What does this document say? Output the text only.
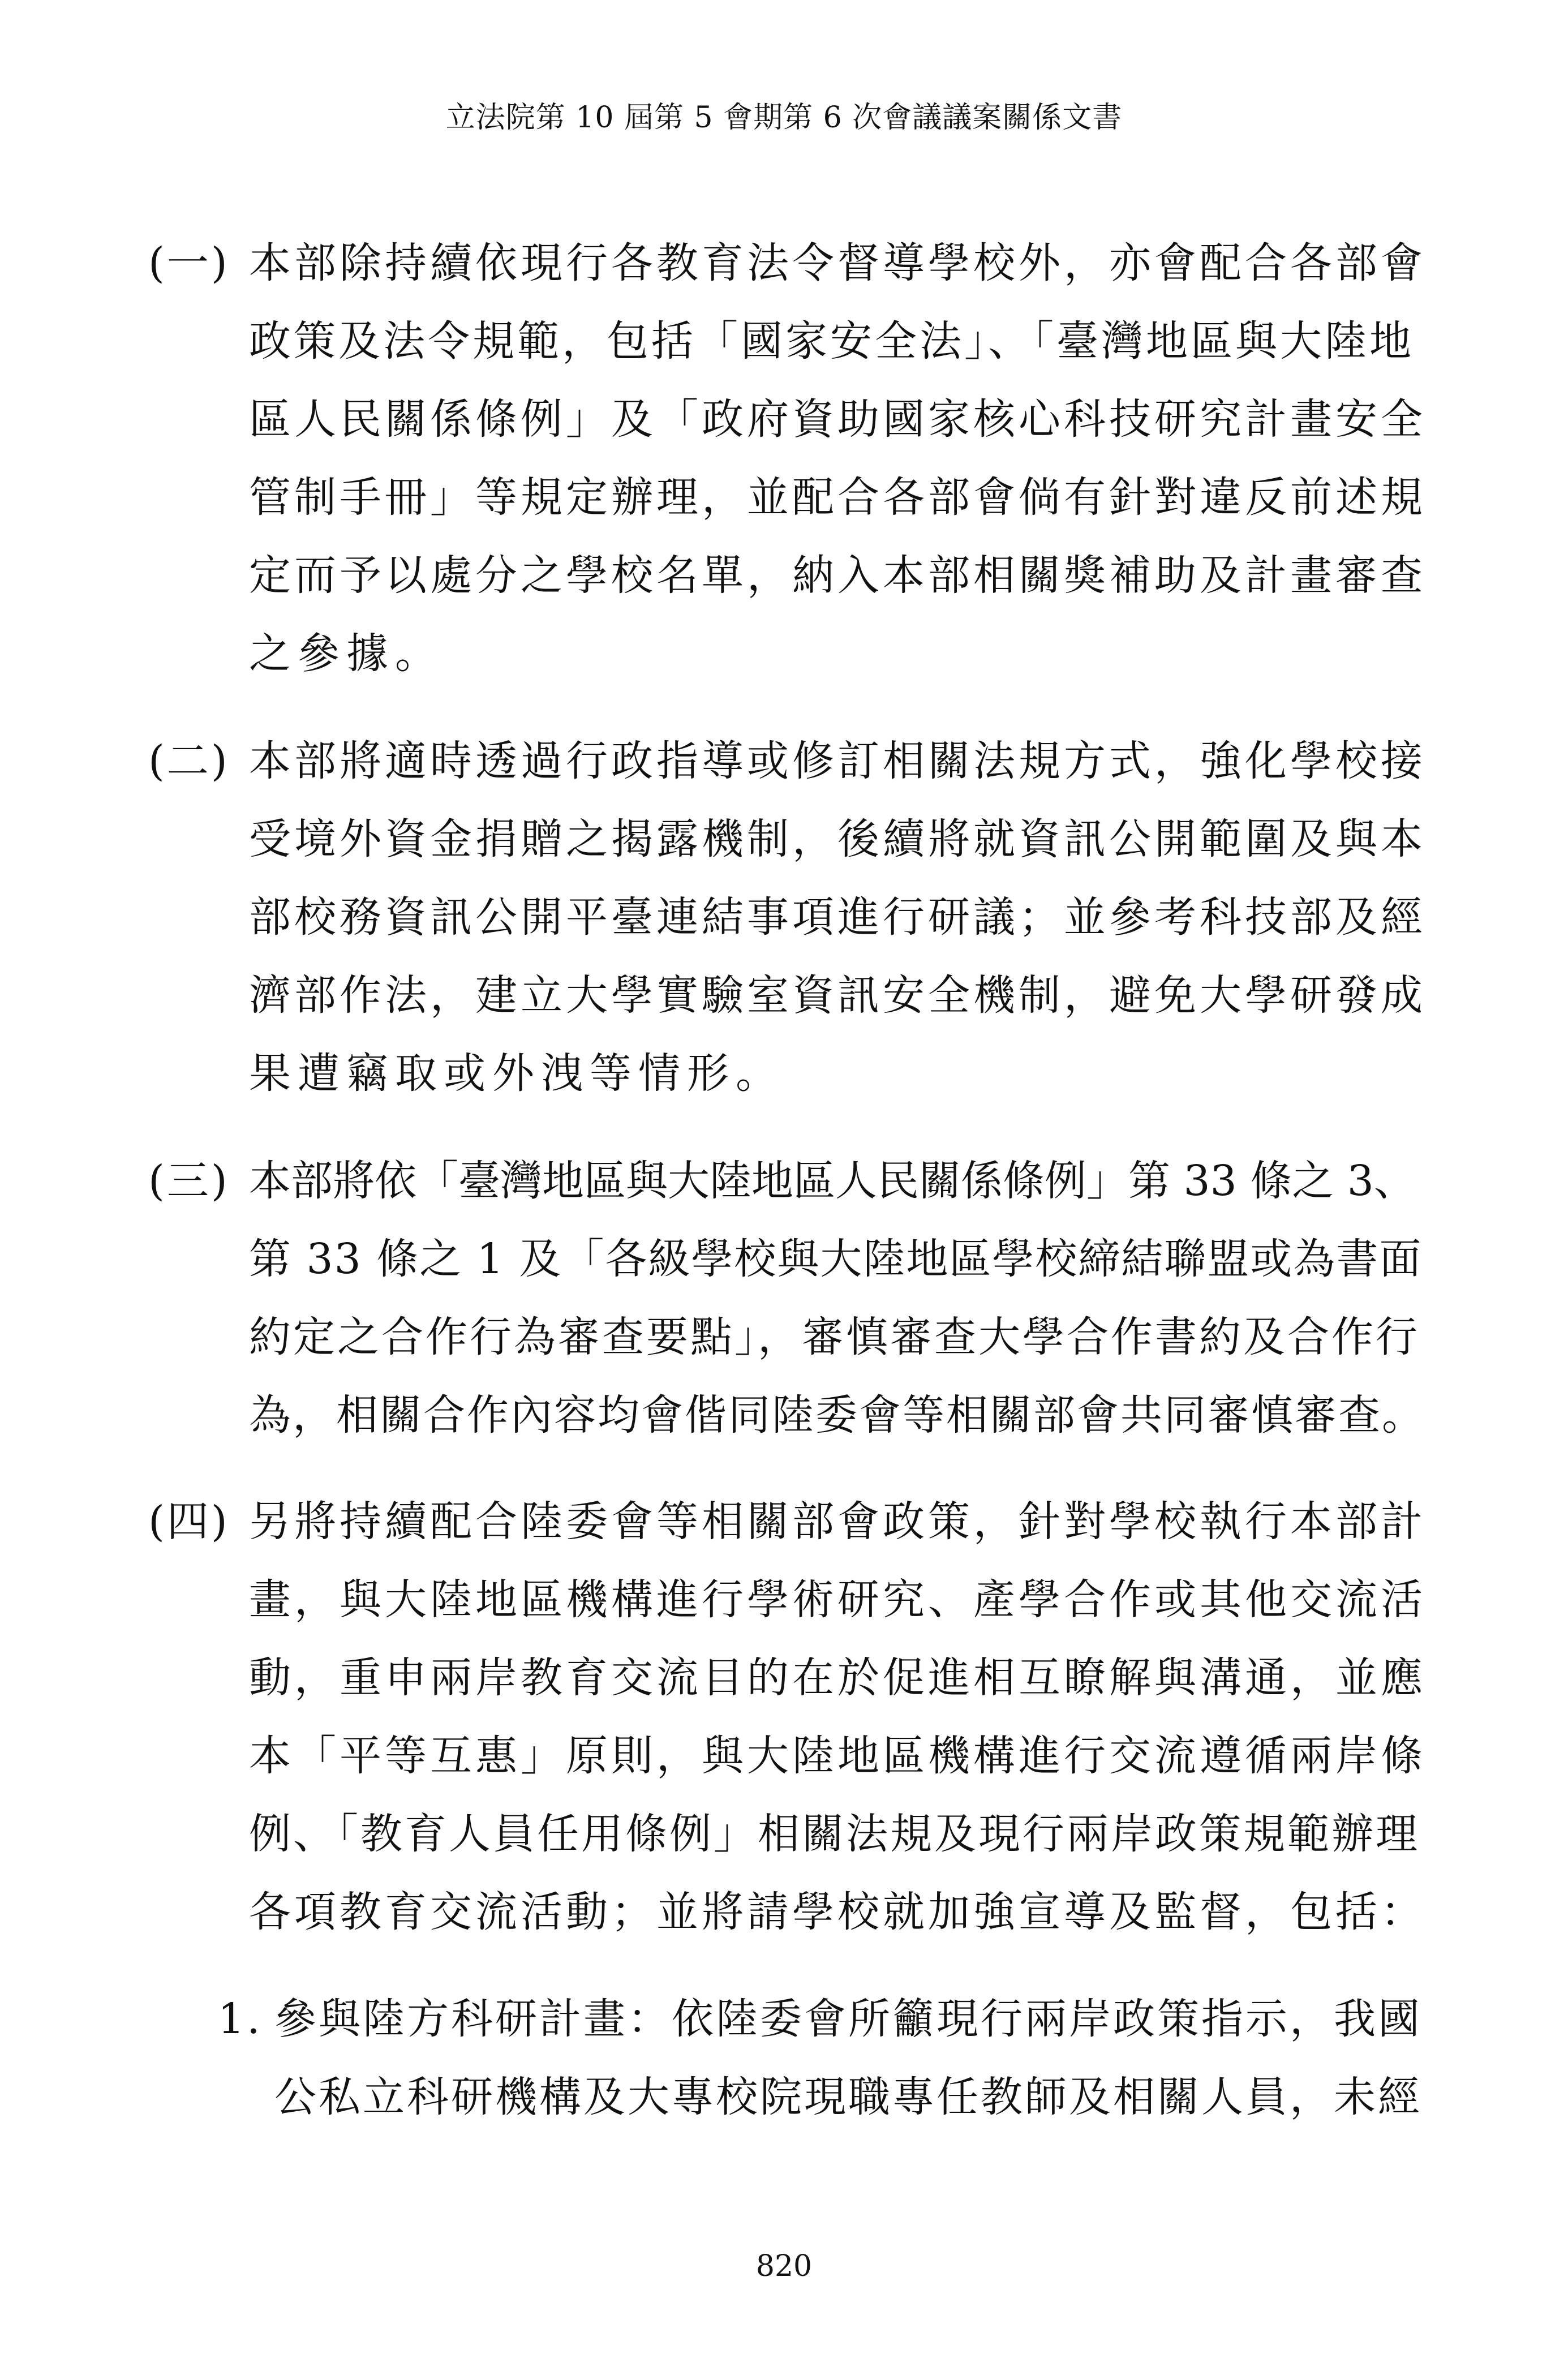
立法院第 10 屆第 5 會期第 6 次會議議案關係文書
(一) 本部除持續依現行各教育法令督導學校外，亦會配合各部會
政策及法令規範，包括「國家安全法」、「臺灣地區與大陸地
區人民關係條例」及「政府資助國家核心科技研究計畫安全
管制手冊」等規定辦理，並配合各部會倘有針對違反前述規
定而予以處分之學校名單，納入本部相關獎補助及計畫審查
之參據。
(二) 本部將適時透過行政指導或修訂相關法規方式，強化學校接
受境外資金捐贈之揭露機制，後續將就資訊公開範圍及與本
部校務資訊公開平臺連結事項進行研議；並參考科技部及經
濟部作法，建立大學實驗室資訊安全機制，避免大學研發成
果遭竊取或外洩等情形。
(三) 本部將依「臺灣地區與大陸地區人民關係條例」第 33 條之 3、
第 33 條之 1 及「各級學校與大陸地區學校締結聯盟或為書面
約定之合作行為審查要點」，審慎審查大學合作書約及合作行
為，相關合作內容均會偕同陸委會等相關部會共同審慎審查。
(四) 另將持續配合陸委會等相關部會政策，針對學校執行本部計
畫，與大陸地區機構進行學術研究、產學合作或其他交流活
動，重申兩岸教育交流目的在於促進相互瞭解與溝通，並應
本「平等互惠」原則，與大陸地區機構進行交流遵循兩岸條
例、「教育人員任用條例」相關法規及現行兩岸政策規範辦理
各項教育交流活動；並將請學校就加強宣導及監督，包括：
1. 參與陸方科研計畫：依陸委會所籲現行兩岸政策指示，我國
公私立科研機構及大專校院現職專任教師及相關人員，未經
820
